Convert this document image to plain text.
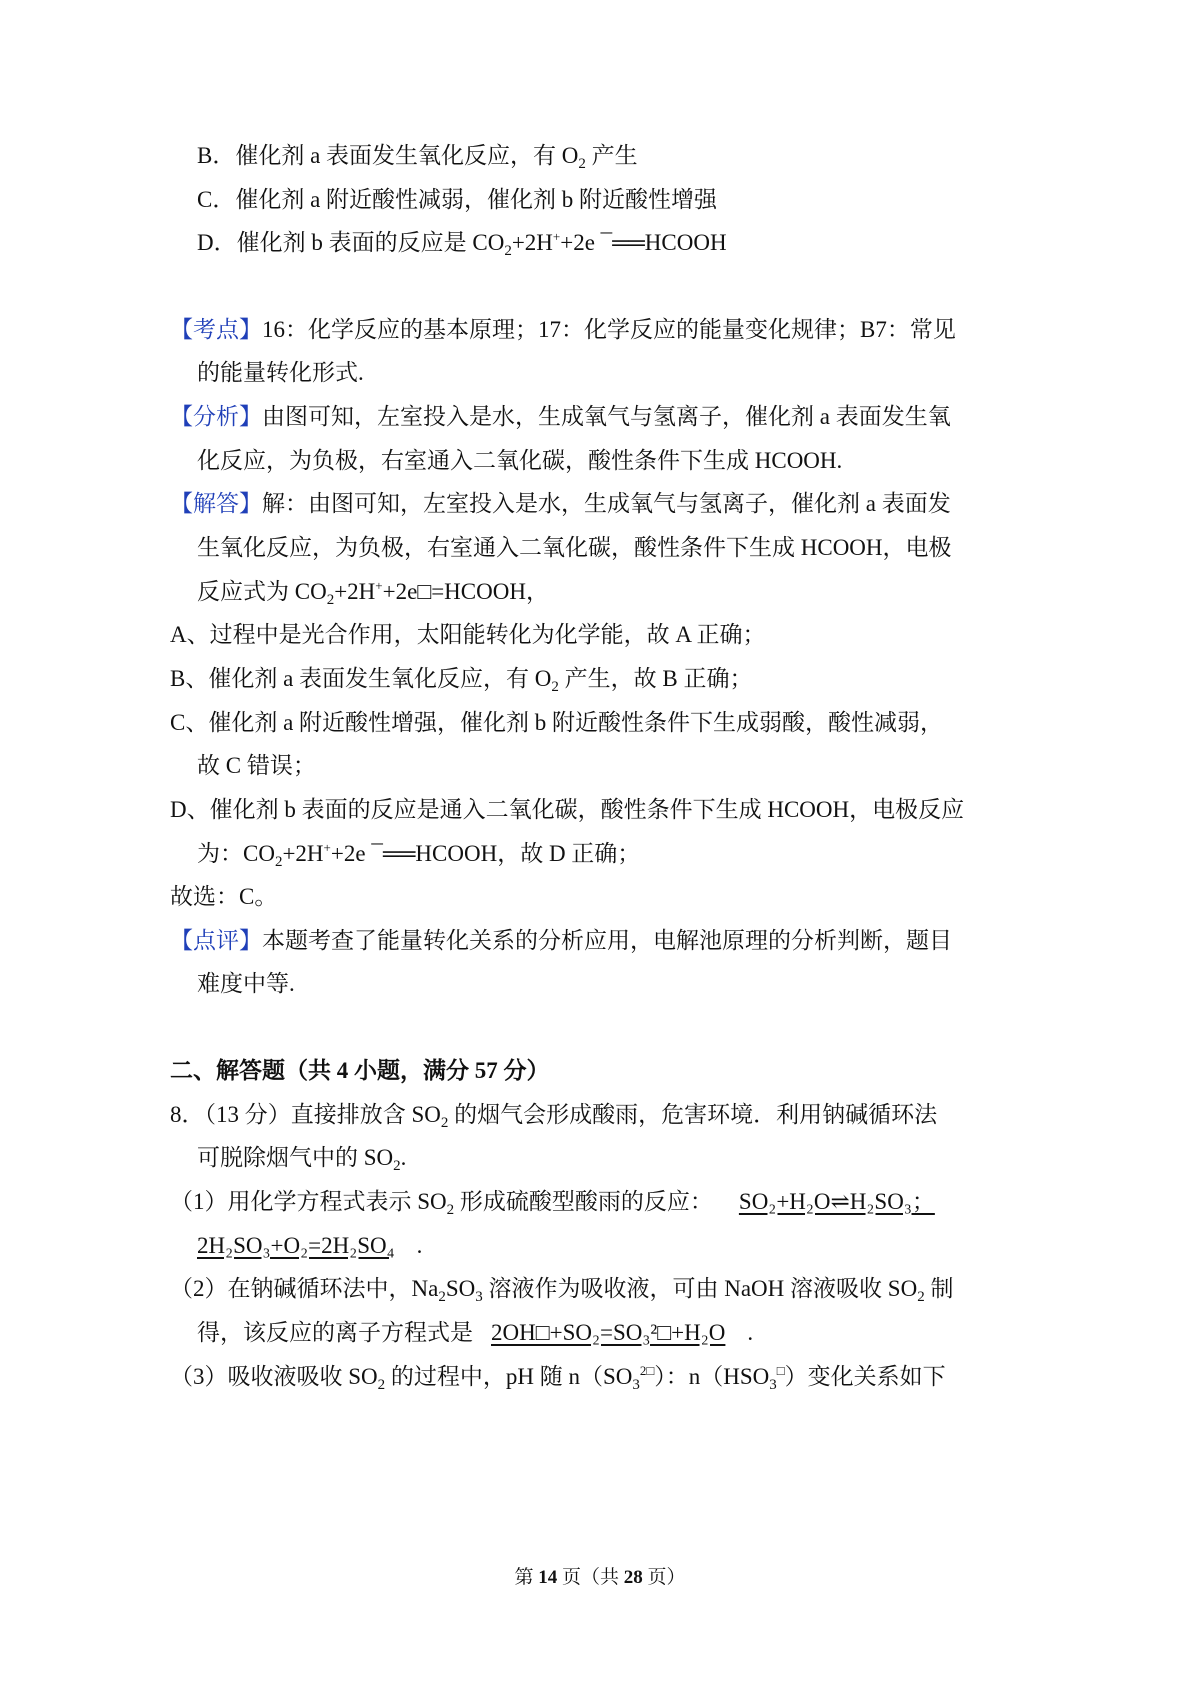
B．催化剂 a 表面发生氧化反应，有 $O_2$ 产生
C．催化剂 a 附近酸性减弱，催化剂 b 附近酸性增强
D．催化剂 b 表面的反应是 $CO_2+2H^++2e$ ¯══HCOOH
【考点】16：化学反应的基本原理；17：化学反应的能量变化规律；B7：常见
的能量转化形式.
【分析】由图可知，左室投入是水，生成氧气与氢离子，催化剂 a 表面发生氧
化反应，为负极，右室通入二氧化碳，酸性条件下生成 HCOOH.
【解答】解：由图可知，左室投入是水，生成氧气与氢离子，催化剂 a 表面发
生氧化反应，为负极，右室通入二氧化碳，酸性条件下生成 HCOOH，电极
反应式为 $CO_2+2H^++2e□=HCOOH$，
A、过程中是光合作用，太阳能转化为化学能，故 A 正确；
B、催化剂 a 表面发生氧化反应，有 $O_2$ 产生，故 B 正确；
C、催化剂 a 附近酸性增强，催化剂 b 附近酸性条件下生成弱酸，酸性减弱，
故 C 错误；
D、催化剂 b 表面的反应是通入二氧化碳，酸性条件下生成 HCOOH，电极反应
为：$CO_2+2H^++2e$ ¯══HCOOH，故 D 正确；
故选：C。
【点评】本题考查了能量转化关系的分析应用，电解池原理的分析判断，题目
难度中等.
二、解答题（共 4 小题，满分 57 分）
8．（13 分）直接排放含 $SO_2$ 的烟气会形成酸雨，危害环境．利用钠碱循环法
可脱除烟气中的 $SO_2$.
（1）用化学方程式表示 $SO_2$ 形成硫酸型酸雨的反应： SO₂+H₂O⇌H₂SO₃；
2H₂SO₃+O₂=2H₂SO₄ .
（2）在钠碱循环法中，$Na_2SO_3$ 溶液作为吸收液，可由 NaOH 溶液吸收 $SO_2$ 制
得，该反应的离子方程式是 2OH□+SO₂=SO₃²□+H₂O .
（3）吸收液吸收 $SO_2$ 的过程中，pH 随 $n(SO_3^{2□})$：$n(HSO_3^□)$变化关系如下
第 14 页（共 28 页）
